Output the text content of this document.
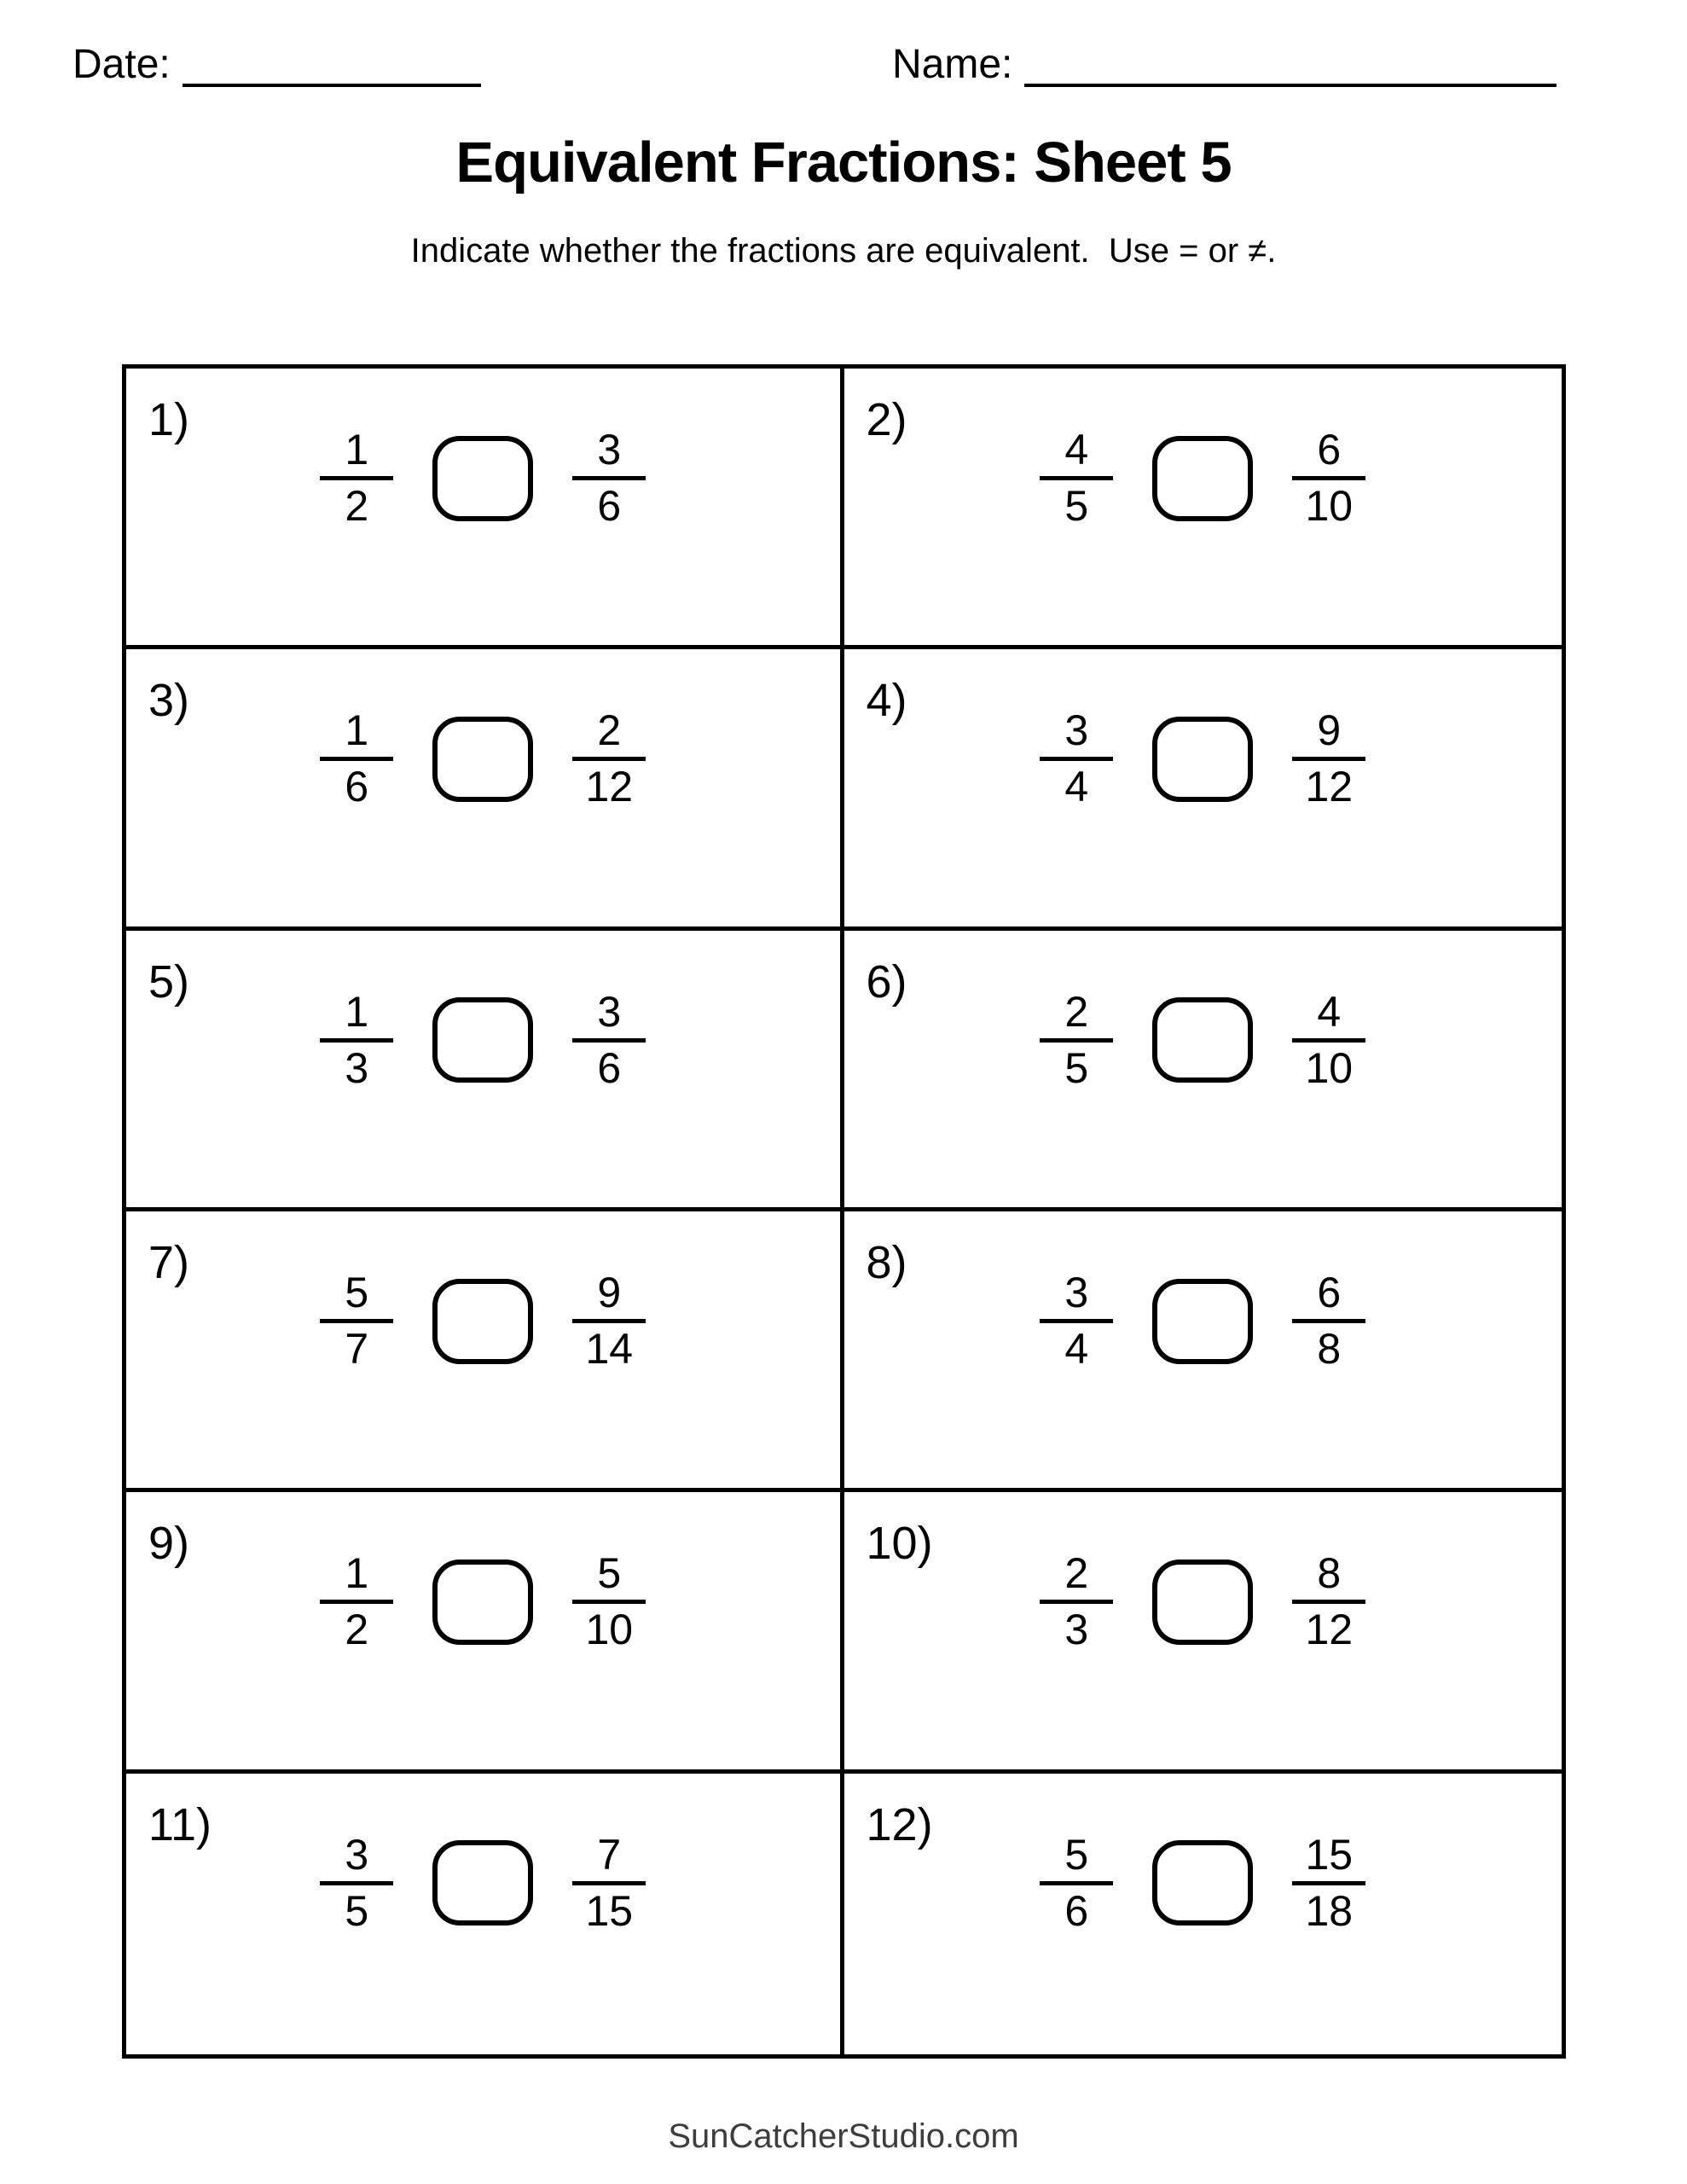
Date:	Name:
Equivalent Fractions: Sheet 5
Indicate whether the fractions are equivalent.  Use = or ≠.
1)
1
2
3
6
2)
4
5
6
10
3)
1
6
2
12
4)
3
4
9
12
5)
1
3
3
6
6)
2
5
4
10
7)
5
7
9
14
8)
3
4
6
8
9)
1
2
5
10
10)
2
3
8
12
11)
3
5
7
15
12)
5
6
15
18
SunCatcherStudio.com
